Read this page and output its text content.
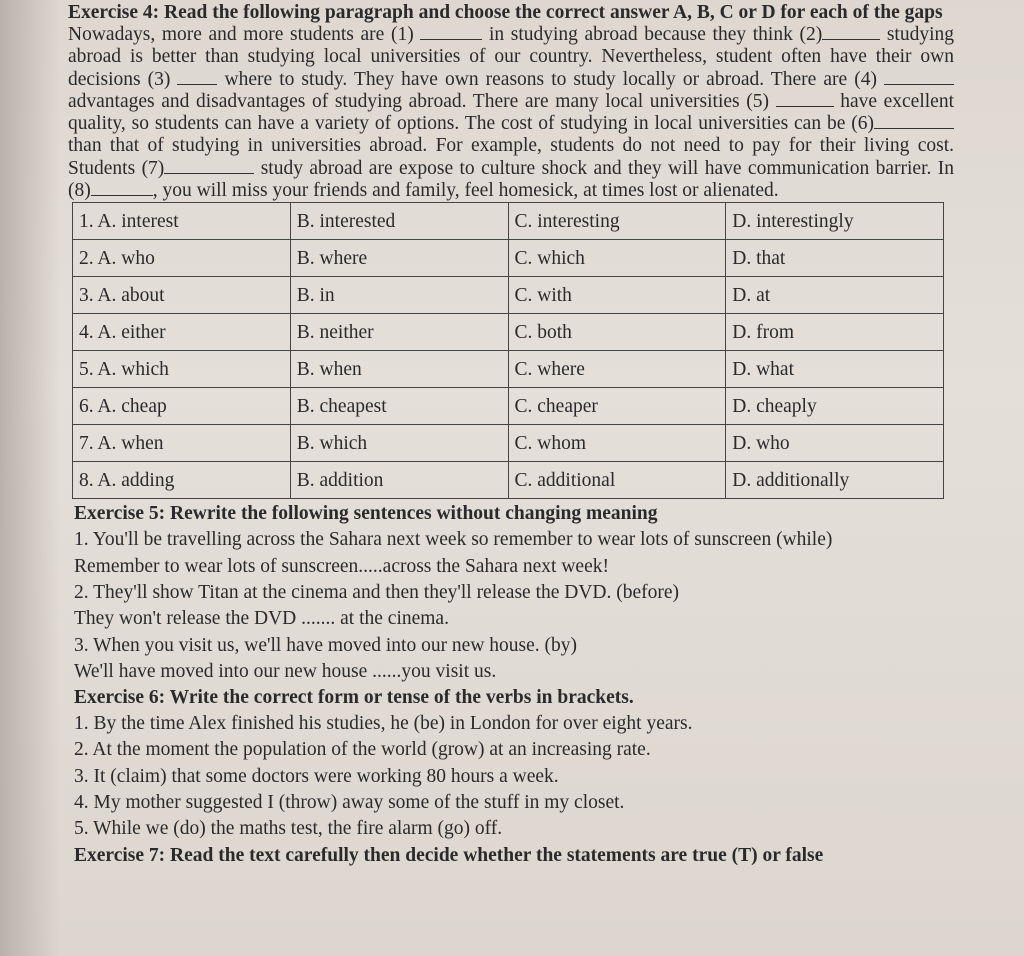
Exercise 4: Read the following paragraph and choose the correct answer A, B, C or D for each of the gaps

Nowadays, more and more students are (1)	in studying abroad because they think (2)	studying abroad is better than studying local universities of our country. Nevertheless, student often have their own decisions (3)	where to study. They have own reasons to study locally or abroad. There are (4)  advantages and disadvantages of studying abroad. There are many local universities (5)	have excellent quality, so students can have a variety of options. The cost of studying in local universities can be (6) than that of studying in universities abroad. For example, students do not need to pay for their living cost. Students (7)	study abroad are expose to culture shock and they will have communication barrier. In (8)	, you will miss your friends and family, feel homesick, at times lost or alienated.

1. A. interest	B. interested	C. interesting	D. interestingly
2. A. who	B. where	C. which	D. that
3. A. about	B. in	C. with	D. at
4. A. either	B. neither	C. both	D. from
5. A. which	B. when	C. where	D. what
6. A. cheap	B. cheapest	C. cheaper	D. cheaply
7. A. when	B. which	C. whom	D. who
8. A. adding	B. addition	C. additional	D. additionally

Exercise 5: Rewrite the following sentences without changing meaning

1. You'll be travelling across the Sahara next week so remember to wear lots of sunscreen (while)

Remember to wear lots of sunscreen.....across the Sahara next week!

2. They'll show Titan at the cinema and then they'll release the DVD. (before)

They won't release the DVD ....... at the cinema.

3. When you visit us, we'll have moved into our new house. (by)

We'll have moved into our new house ......you visit us.

Exercise 6: Write the correct form or tense of the verbs in brackets.

1. By the time Alex finished his studies, he (be) in London for over eight years.

2. At the moment the population of the world (grow) at an increasing rate.

3. It (claim) that some doctors were working 80 hours a week.

4. My mother suggested I (throw) away some of the stuff in my closet.

5. While we (do) the maths test, the fire alarm (go) off.

Exercise 7: Read the text carefully then decide whether the statements are true (T) or false
